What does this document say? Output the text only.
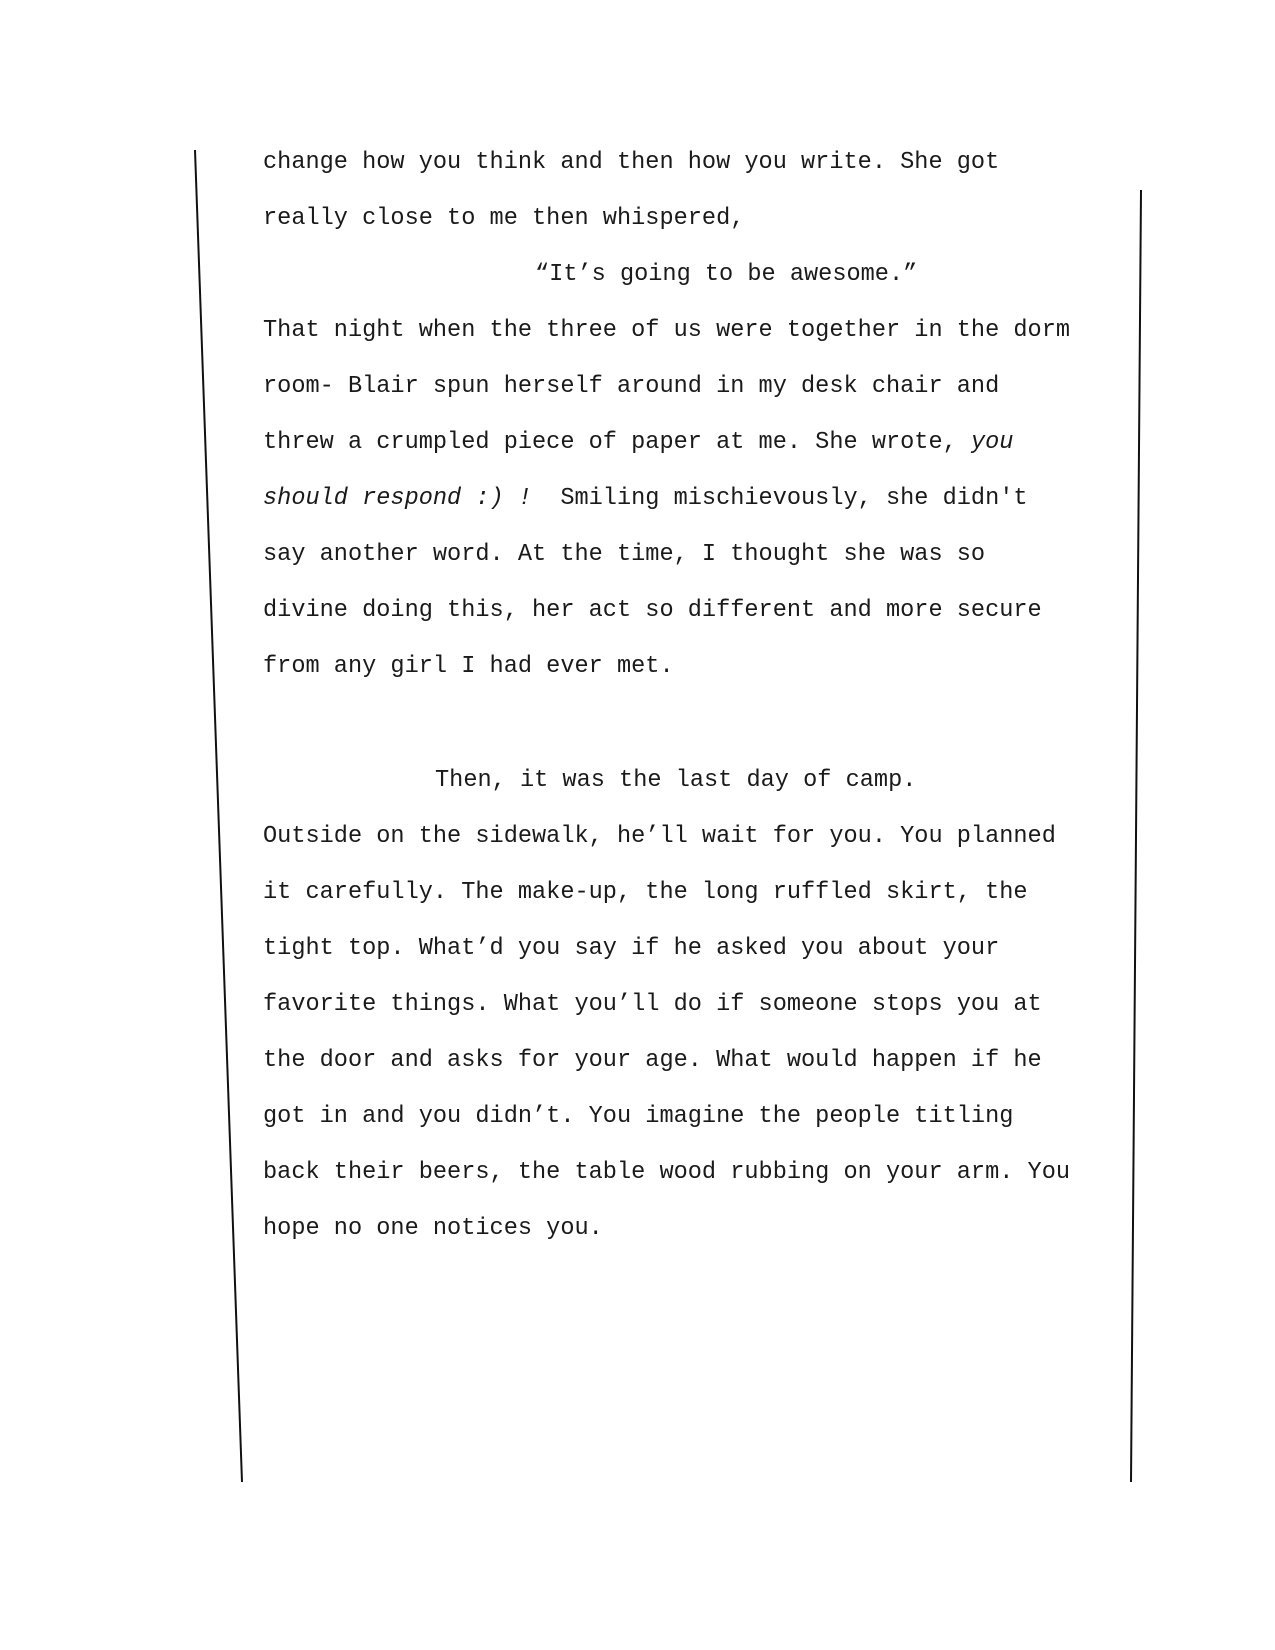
change how you think and then how you write. She got
really close to me then whispered,
“It’s going to be awesome.”
That night when the three of us were together in the dorm
room- Blair spun herself around in my desk chair and
threw a crumpled piece of paper at me. She wrote, you
should respond :) !  Smiling mischievously, she didn't
say another word. At the time, I thought she was so
divine doing this, her act so different and more secure
from any girl I had ever met.
Then, it was the last day of camp.
Outside on the sidewalk, he’ll wait for you. You planned
it carefully. The make-up, the long ruffled skirt, the
tight top. What’d you say if he asked you about your
favorite things. What you’ll do if someone stops you at
the door and asks for your age. What would happen if he
got in and you didn’t. You imagine the people titling
back their beers, the table wood rubbing on your arm. You
hope no one notices you.
